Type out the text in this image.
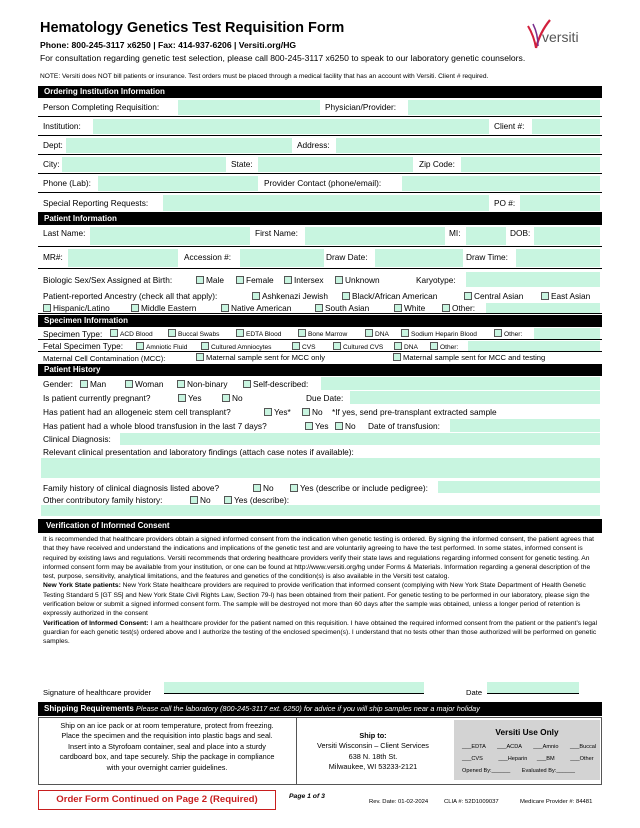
Hematology Genetics Test Requisition Form
Phone: 800-245-3117 x6250 | Fax: 414-937-6206 | Versiti.org/HG
For consultation regarding genetic test selection, please call 800-245-3117 x6250 to speak to our laboratory genetic counselors.
NOTE: Versiti does NOT bill patients or insurance. Test orders must be placed through a medical facility that has an account with Versiti. Client # required.
versiti
Ordering Institution Information
Person Completing Requisition:	Physician/Provider:
Institution:	Client #:
Dept:	Address:
City:	State:	Zip Code:
Phone (Lab):	Provider Contact (phone/email):
Special Reporting Requests:	PO #:
Patient Information
Last Name:	First Name:	MI:	DOB:
MR#:	Accession #:	Draw Date:	Draw Time:
Biologic Sex/Sex Assigned at Birth:	Male	Female	Intersex	Unknown	Karyotype:
Patient-reported Ancestry (check all that apply):	Ashkenazi Jewish	Black/African American	Central Asian	East Asian
Hispanic/Latino	Middle Eastern	Native American	South Asian	White	Other:
Specimen Information
Specimen Type:	ACD Blood	Buccal Swabs	EDTA Blood	Bone Marrow	DNA	Sodium Heparin Blood	Other:
Fetal Specimen Type:	Amniotic Fluid	Cultured Amniocytes	CVS	Cultured CVS	DNA	Other:
Maternal Cell Contamination (MCC):	Maternal sample sent for MCC only	Maternal sample sent for MCC and testing
Patient History
Gender:	Man	Woman	Non-binary	Self-described:
Is patient currently pregnant?	Yes	No	Due Date:
Has patient had an allogeneic stem cell transplant?	Yes*	No *If yes, send pre-transplant extracted sample
Has patient had a whole blood transfusion in the last 7 days?	Yes	No Date of transfusion:
Clinical Diagnosis:
Relevant clinical presentation and laboratory findings (attach case notes if available):
Family history of clinical diagnosis listed above?	No	Yes (describe or include pedigree):
Other contributory family history:	No	Yes (describe):
Verification of Informed Consent
It is recommended that healthcare providers obtain a signed informed consent from the indication when genetic testing is ordered. By signing the informed consent, the patient agrees that that they have received and understand the indications and implications of the genetic test and are voluntarily agreeing to have the test performed. In some states, informed consent is required by existing laws and regulations. Versiti recommends that ordering healthcare providers verify their state laws and regulations regarding informed consent for genetic testing. An informed consent form may be available from your institution, or one can be found at http://www.versiti.org/hg under Forms & Materials. Information regarding a general description of the test, purpose, sensitivity, analytical limitations, and the features and genetics of the condition(s) is also available in the Versiti test catalog.
New York State patients: New York State healthcare providers are required to provide verification that informed consent (complying with New York State Department of Health Genetic Testing Standard 5 [GT S5] and New York State Civil Rights Law, Section 79-l) has been obtained from their patient. For genetic testing to be performed in our laboratory, please sign the verification below or submit a signed informed consent form. The sample will be destroyed not more than 60 days after the sample was obtained, unless a longer period of retention is expressly authorized in the consent
Verification of Informed Consent: I am a healthcare provider for the patient named on this requisition. I have obtained the required informed consent from the patient or the patient’s legal guardian for each genetic test(s) ordered above and I authorize the testing of the enclosed specimen(s). I understand that no tests other than those authorized will be performed on genetic samples.
Signature of healthcare provider	Date
Shipping Requirements Please call the laboratory (800-245-3117 ext. 6250) for advice if you will ship samples near a major holiday
Ship on an ice pack or at room temperature, protect from freezing.
Place the specimen and the requisition into plastic bags and seal.
Insert into a Styrofoam container, seal and place into a sturdy
cardboard box, and tape securely. Ship the package in compliance
with your overnight carrier guidelines.
Ship to:
Versiti Wisconsin – Client Services
638 N. 18th St.
Milwaukee, WI 53233-2121
Versiti Use Only
___EDTA ___ACDA ___Amnio ___Buccal
___CVS	___Heparin ___BM	___Other
Opened By:______ Evaluated By:______
Order Form Continued on Page 2 (Required)	Page 1 of 3
Rev. Date: 01-02-2024	CLIA #: 52D1009037	Medicare Provider #: 84481
